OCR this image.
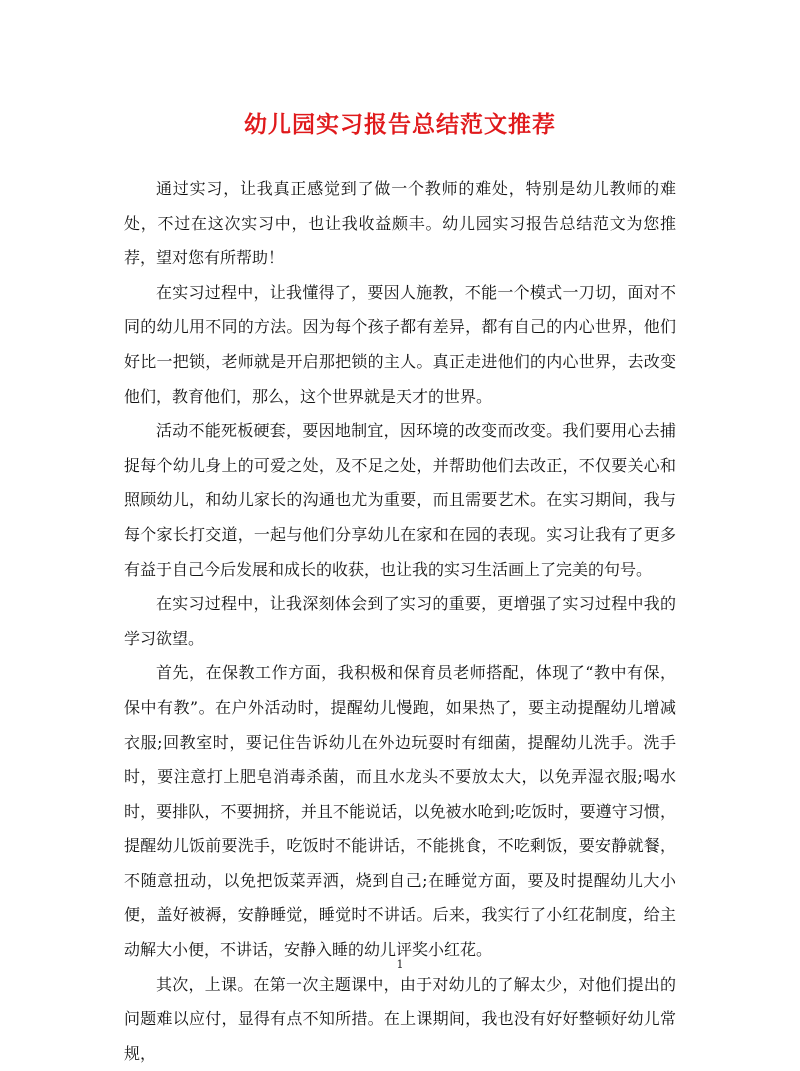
幼儿园实习报告总结范文推荐

通过实习，让我真正感觉到了做一个教师的难处，特别是幼儿教师的难处，不过在这次实习中，也让我收益颇丰。幼儿园实习报告总结范文为您推荐，望对您有所帮助！

在实习过程中，让我懂得了，要因人施教，不能一个模式一刀切，面对不同的幼儿用不同的方法。因为每个孩子都有差异，都有自己的内心世界，他们好比一把锁，老师就是开启那把锁的主人。真正走进他们的内心世界，去改变他们，教育他们，那么，这个世界就是天才的世界。

活动不能死板硬套，要因地制宜，因环境的改变而改变。我们要用心去捕捉每个幼儿身上的可爱之处，及不足之处，并帮助他们去改正，不仅要关心和照顾幼儿，和幼儿家长的沟通也尤为重要，而且需要艺术。在实习期间，我与每个家长打交道，一起与他们分享幼儿在家和在园的表现。实习让我有了更多有益于自己今后发展和成长的收获，也让我的实习生活画上了完美的句号。

在实习过程中，让我深刻体会到了实习的重要，更增强了实习过程中我的学习欲望。

首先，在保教工作方面，我积极和保育员老师搭配，体现了“教中有保，保中有教”。在户外活动时，提醒幼儿慢跑，如果热了，要主动提醒幼儿增减衣服;回教室时，要记住告诉幼儿在外边玩耍时有细菌，提醒幼儿洗手。洗手时，要注意打上肥皂消毒杀菌，而且水龙头不要放太大，以免弄湿衣服;喝水时，要排队，不要拥挤，并且不能说话，以免被水呛到;吃饭时，要遵守习惯，提醒幼儿饭前要洗手，吃饭时不能讲话，不能挑食，不吃剩饭，要安静就餐，不随意扭动，以免把饭菜弄洒，烧到自己;在睡觉方面，要及时提醒幼儿大小便，盖好被褥，安静睡觉，睡觉时不讲话。后来，我实行了小红花制度，给主动解大小便，不讲话，安静入睡的幼儿评奖小红花。

其次，上课。在第一次主题课中，由于对幼儿的了解太少，对他们提出的问题难以应付，显得有点不知所措。在上课期间，我也没有好好整顿好幼儿常规，

1
